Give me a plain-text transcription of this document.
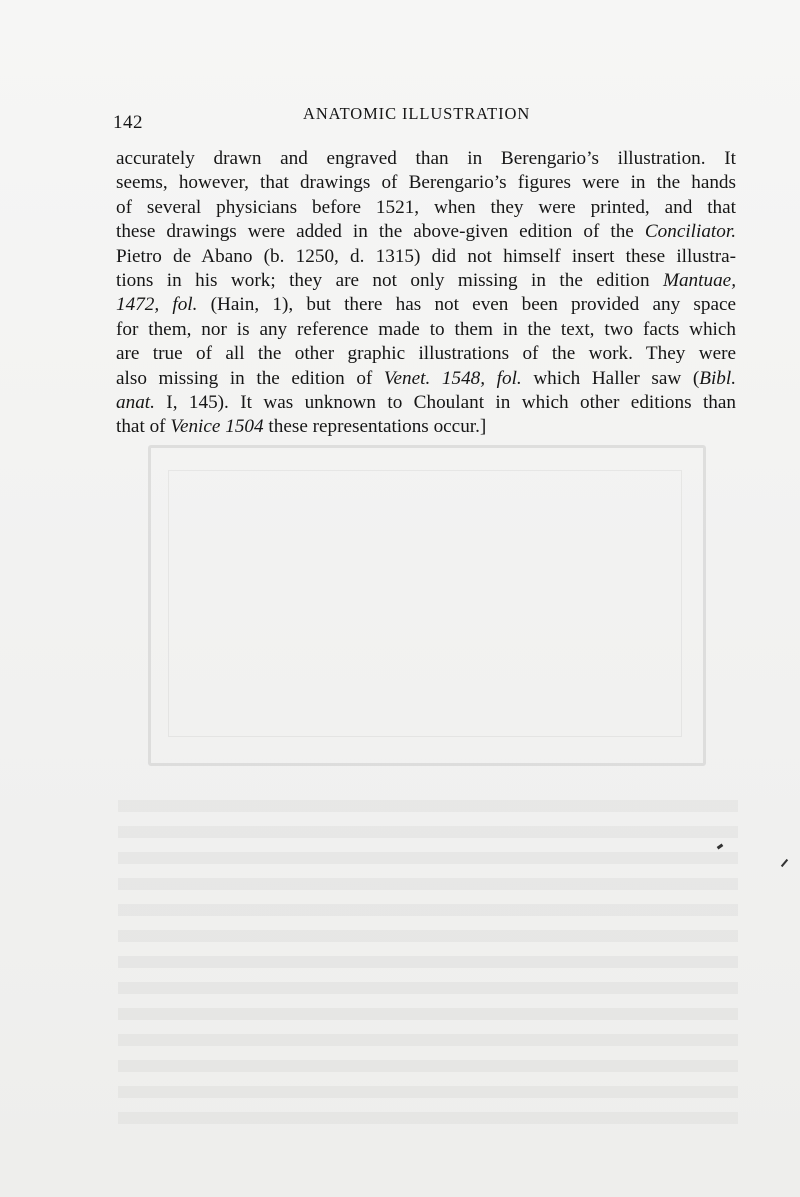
142	ANATOMIC ILLUSTRATION
accurately drawn and engraved than in Berengario’s illustration. It
seems, however, that drawings of Berengario’s figures were in the hands
of several physicians before 1521, when they were printed, and that
these drawings were added in the above-given edition of the Conciliator.
Pietro de Abano (b. 1250, d. 1315) did not himself insert these illustra-
tions in his work; they are not only missing in the edition Mantuae,
1472, fol. (Hain, 1), but there has not even been provided any space
for them, nor is any reference made to them in the text, two facts which
are true of all the other graphic illustrations of the work. They were
also missing in the edition of Venet. 1548, fol. which Haller saw (Bibl.
anat. I, 145). It was unknown to Choulant in which other editions than
that of Venice 1504 these representations occur.]
